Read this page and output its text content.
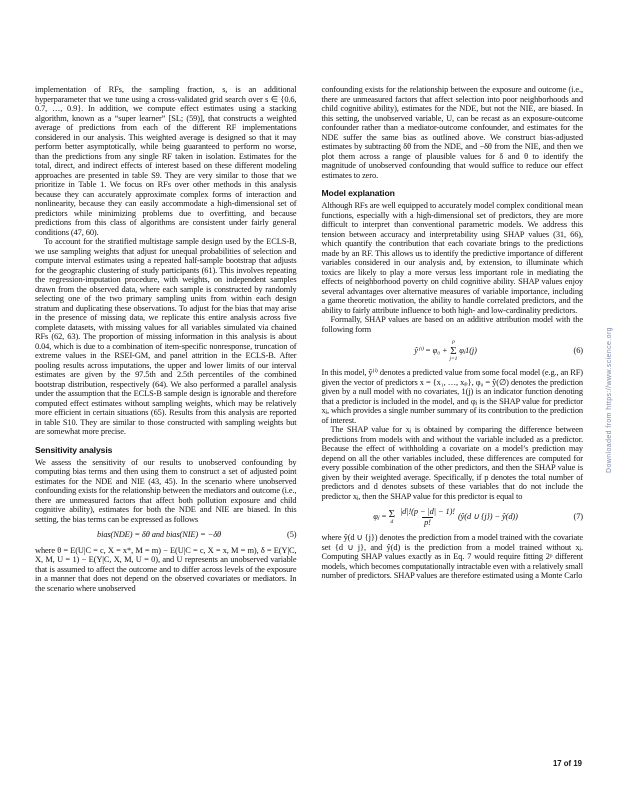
implementation of RFs, the sampling fraction, s, is an additional hyperparameter that we tune using a cross-validated grid search over s ∈ {0.6, 0.7, …, 0.9}. In addition, we compute effect estimates using a stacking algorithm, known as a “super learner” [SL; (59)], that constructs a weighted average of predictions from each of the different RF implementations considered in our analysis. This weighted average is designed so that it may perform better asymptotically, while being guaranteed to perform no worse, than the predictions from any single RF taken in isolation. Estimates for the total, direct, and indirect effects of interest based on these different modeling approaches are presented in table S9. They are very similar to those that we prioritize in Table 1. We focus on RFs over other methods in this analysis because they can accurately approximate complex forms of interaction and nonlinearity, because they can easily accommodate a high-dimensional set of predictors while minimizing problems due to overfitting, and because predictions from this class of algorithms are consistent under fairly general conditions (47, 60).

To account for the stratified multistage sample design used by the ECLS-B, we use sampling weights that adjust for unequal probabilities of selection and compute interval estimates using a repeated half-sample bootstrap that adjusts for the geographic clustering of study participants (61). This involves repeating the regression-imputation procedure, with weights, on independent samples drawn from the observed data, where each sample is constructed by randomly selecting one of the two primary sampling units from within each design stratum and duplicating these observations. To adjust for the bias that may arise in the presence of missing data, we replicate this entire analysis across five complete datasets, with missing values for all variables simulated via chained RFs (62, 63). The proportion of missing information in this analysis is about 0.04, which is due to a combination of item-specific nonresponse, truncation of extreme values in the RSEI-GM, and panel attrition in the ECLS-B. After pooling results across imputations, the upper and lower limits of our interval estimates are given by the 97.5th and 2.5th percentiles of the combined bootstrap distribution, respectively (64). We also performed a parallel analysis under the assumption that the ECLS-B sample design is ignorable and therefore computed effect estimates without sampling weights, which may be relatively more efficient in certain situations (65). Results from this analysis are reported in table S10. They are similar to those constructed with sampling weights but are somewhat more precise.

Sensitivity analysis

We assess the sensitivity of our results to unobserved confounding by computing bias terms and then using them to construct a set of adjusted point estimates for the NDE and NIE (43, 45). In the scenario where unobserved confounding exists for the relationship between the mediators and outcome (i.e., there are unmeasured factors that affect both pollution exposure and child cognitive ability), estimates for both the NDE and NIE are biased. In this setting, the bias terms can be expressed as follows

bias(NDE) = δθ and bias(NIE) = −δθ	(5)

where θ = E(U|C = c, X = x*, M = m) − E(U|C = c, X = x, M = m), δ = E(Y|C, X, M, U = 1) − E(Y|C, X, M, U = 0), and U represents an unobserved variable that is assumed to affect the outcome and to differ across levels of the exposure in a manner that does not depend on the observed covariates or mediators. In the scenario where unobserved

confounding exists for the relationship between the exposure and outcome (i.e., there are unmeasured factors that affect selection into poor neighborhoods and child cognitive ability), estimates for the NDE, but not the NIE, are biased. In this setting, the unobserved variable, U, can be recast as an exposure-outcome confounder rather than a mediator-outcome confounder, and estimates for the NDE suffer the same bias as outlined above. We construct bias-adjusted estimates by subtracting δθ from the NDE, and −δθ from the NIE, and then we plot them across a range of plausible values for δ and θ to identify the magnitude of unobserved confounding that would suffice to reduce our effect estimates to zero.

Model explanation

Although RFs are well equipped to accurately model complex conditional mean functions, especially with a high-dimensional set of predictors, they are more difficult to interpret than conventional parametric models. We address this tension between accuracy and interpretability using SHAP values (31, 66), which quantify the contribution that each covariate brings to the predictions made by an RF. This allows us to identify the predictive importance of different variables considered in our analysis and, by extension, to illuminate which toxics are likely to play a more versus less important role in mediating the effects of neighborhood poverty on child cognitive ability. SHAP values enjoy several advantages over alternative measures of variable importance, including a game theoretic motivation, the ability to handle correlated predictors, and the ability to fairly attribute influence to both high- and low-cardinality predictors.

Formally, SHAP values are based on an additive attribution model with the following form

ŷ⁽ⁱ⁾ = φ₀ +
p
Σ
j=1
φⱼ1(j)	(6)

In this model, ŷ⁽ⁱ⁾ denotes a predicted value from some focal model (e.g., an RF) given the vector of predictors x = {x₁, …, xₚ}, φ₀ = ŷ(∅) denotes the prediction given by a null model with no covariates, 1(j) is an indicator function denoting that a predictor is included in the model, and φⱼ is the SHAP value for predictor xⱼ, which provides a single number summary of its contribution to the prediction of interest.

The SHAP value for xⱼ is obtained by comparing the difference between predictions from models with and without the variable included as a predictor. Because the effect of withholding a covariate on a model’s prediction may depend on all the other variables included, these differences are computed for every possible combination of the other predictors, and then the SHAP value is given by their weighted average. Specifically, if p denotes the total number of predictors and d denotes subsets of these variables that do not include the predictor xⱼ, then the SHAP value for this predictor is equal to

φⱼ = Σ
d $\frac{|d|!(p - |d| - 1)!}{p!}$ (ŷ(d ∪ {j}) − ŷ(d))	(7)

where ŷ(d ∪ {j}) denotes the prediction from a model trained with the covariate set {d ∪ j}, and ŷ(d) is the prediction from a model trained without xⱼ. Computing SHAP values exactly as in Eq. 7 would require fitting 2ᵖ different models, which becomes computationally intractable even with a relatively small number of predictors. SHAP values are therefore estimated using a Monte Carlo

17 of 19
Downloaded from https://www.science.org
